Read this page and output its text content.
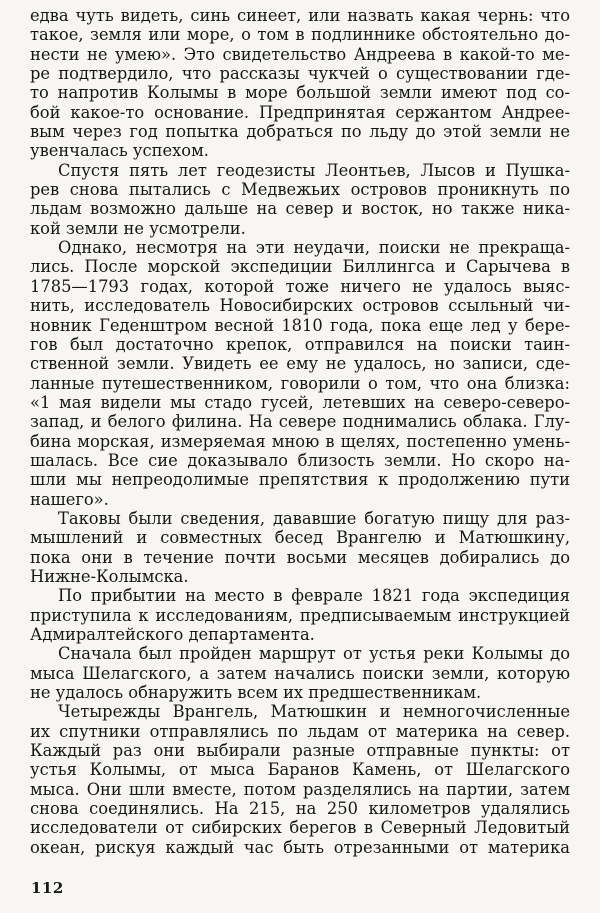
едва чуть видеть, синь синеет, или назвать какая чернь: что
такое, земля или море, о том в подлиннике обстоятельно до-
нести не умею». Это свидетельство Андреева в какой-то ме-
ре подтвердило, что рассказы чукчей о существовании где-
то напротив Колымы в море большой земли имеют под со-
бой какое-то основание. Предпринятая сержантом Андрее-
вым через год попытка добраться по льду до этой земли не
увенчалась успехом.
Спустя пять лет геодезисты Леонтьев, Лысов и Пушка-
рев снова пытались с Медвежьих островов проникнуть по
льдам возможно дальше на север и восток, но также ника-
кой земли не усмотрели.
Однако, несмотря на эти неудачи, поиски не прекраща-
лись. После морской экспедиции Биллингса и Сарычева в
1785—1793 годах, которой тоже ничего не удалось выяс-
нить, исследователь Новосибирских островов ссыльный чи-
новник Геденштром весной 1810 года, пока еще лед у бере-
гов был достаточно крепок, отправился на поиски таин-
ственной земли. Увидеть ее ему не удалось, но записи, сде-
ланные путешественником, говорили о том, что она близка:
«1 мая видели мы стадо гусей, летевших на северо-северо-
запад, и белого филина. На севере поднимались облака. Глу-
бина морская, измеряемая мною в щелях, постепенно умень-
шалась. Все сие доказывало близость земли. Но скоро на-
шли мы непреодолимые препятствия к продолжению пути
нашего».
Таковы были сведения, дававшие богатую пищу для раз-
мышлений и совместных бесед Врангелю и Матюшкину,
пока они в течение почти восьми месяцев добирались до
Нижне-Колымска.
По прибытии на место в феврале 1821 года экспедиция
приступила к исследованиям, предписываемым инструкцией
Адмиралтейского департамента.
Сначала был пройден маршрут от устья реки Колымы до
мыса Шелагского, а затем начались поиски земли, которую
не удалось обнаружить всем их предшественникам.
Четырежды Врангель, Матюшкин и немногочисленные
их спутники отправлялись по льдам от материка на север.
Каждый раз они выбирали разные отправные пункты: от
устья Колымы, от мыса Баранов Камень, от Шелагского
мыса. Они шли вместе, потом разделялись на партии, затем
снова соединялись. На 215, на 250 километров удалялись
исследователи от сибирских берегов в Северный Ледовитый
океан, рискуя каждый час быть отрезанными от материка
112
